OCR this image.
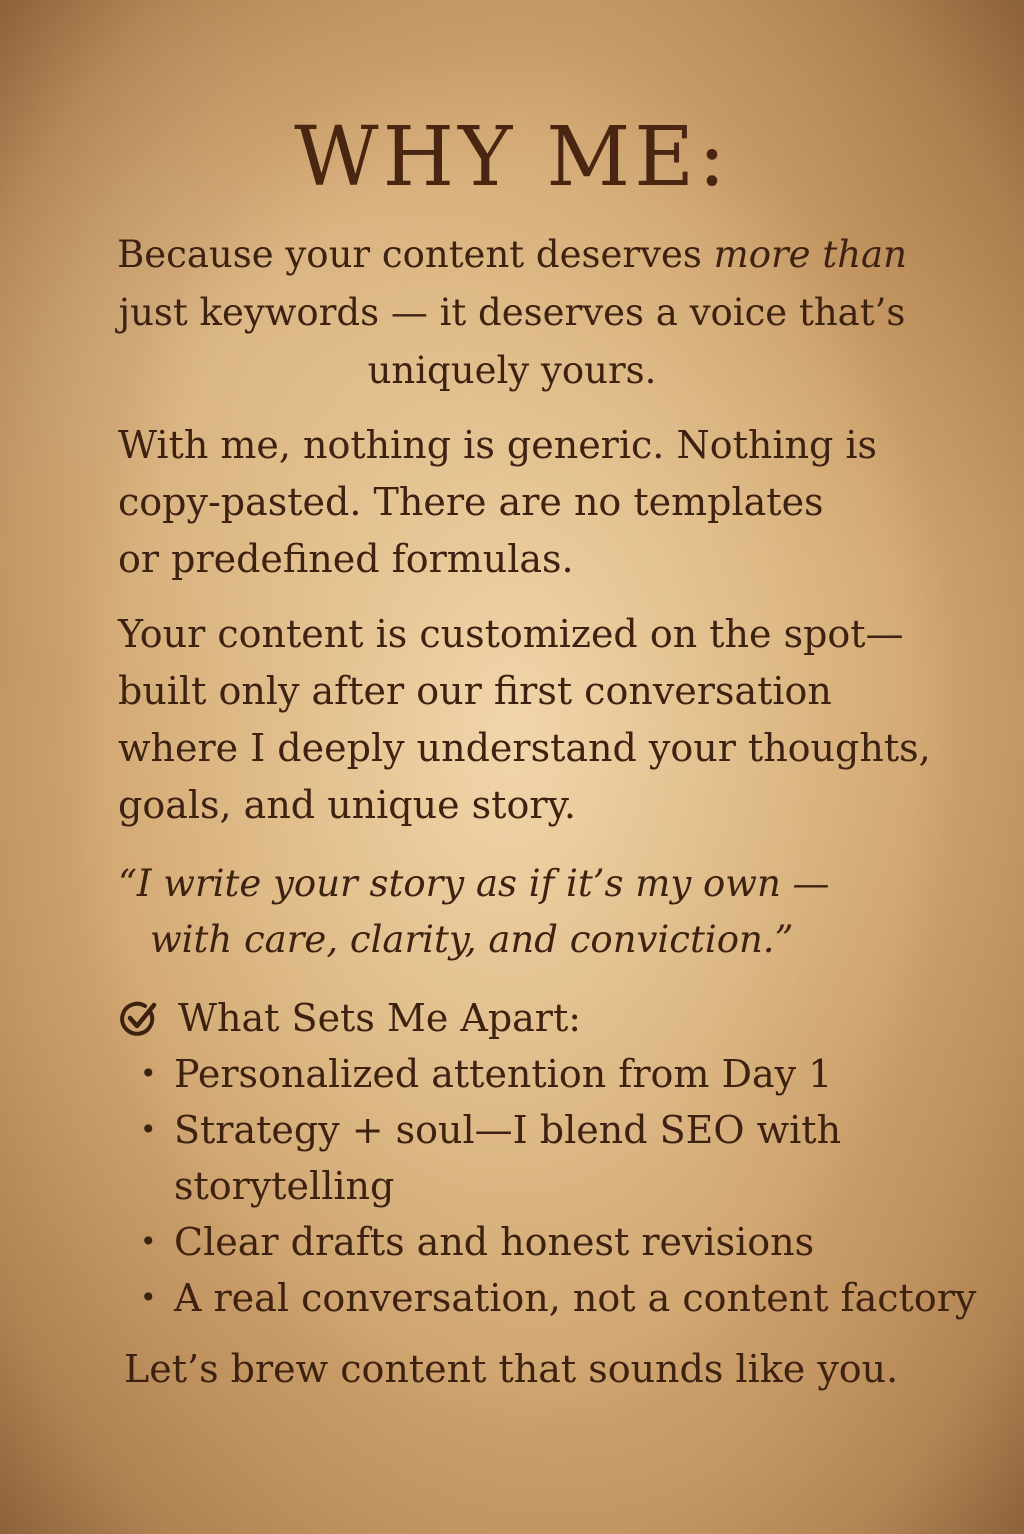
WHY ME:

Because your content deserves more than
just keywords — it deserves a voice that’s
uniquely yours.

With me, nothing is generic. Nothing is
copy-pasted. There are no templates
or predefined formulas.

Your content is customized on the spot—
built only after our first conversation
where I deeply understand your thoughts,
goals, and unique story.

“I write your story as if it’s my own —
with care, clarity, and conviction.”

What Sets Me Apart:
• Personalized attention from Day 1
• Strategy + soul—I blend SEO with
storytelling
• Clear drafts and honest revisions
• A real conversation, not a content factory

Let’s brew content that sounds like you.
